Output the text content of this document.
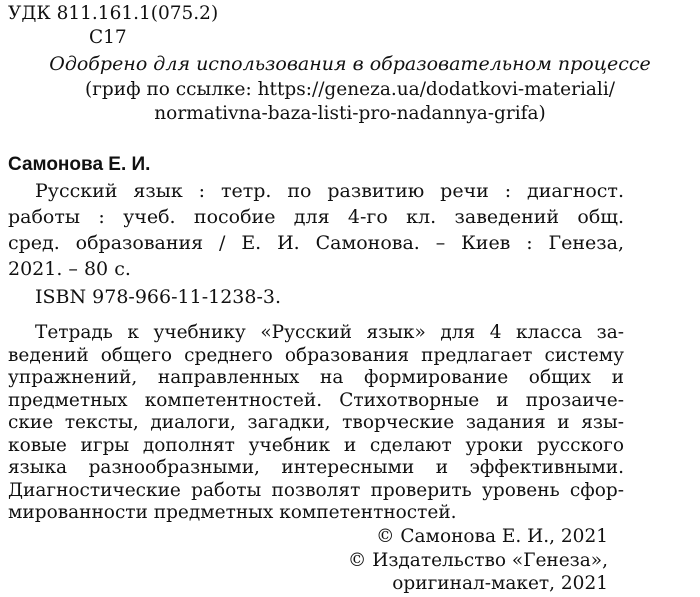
УДК 811.161.1(075.2)
С17
Одобрено для использования в образовательном процессе
(гриф по ссылке: https://geneza.ua/dodatkovi-materiali/
normativna-baza-listi-pro-nadannya-grifa)
Самонова Е. И.
Русский язык : тетр. по развитию речи : диагност.
работы : учеб. пособие для 4-го кл. заведений общ.
сред. образования / Е. И. Самонова. – Киев : Генеза,
2021. – 80 с.
ISBN 978-966-11-1238-3.
Тетрадь к учебнику «Русский язык» для 4 класса за-
ведений общего среднего образования предлагает систему
упражнений, направленных на формирование общих и
предметных компетентностей. Стихотворные и прозаиче-
ские тексты, диалоги, загадки, творческие задания и язы-
ковые игры дополнят учебник и сделают уроки русского
языка разнообразными, интересными и эффективными.
Диагностические работы позволят проверить уровень сфор-
мированности предметных компетентностей.
© Самонова Е. И., 2021
© Издательство «Генеза»,
оригинал-макет, 2021
